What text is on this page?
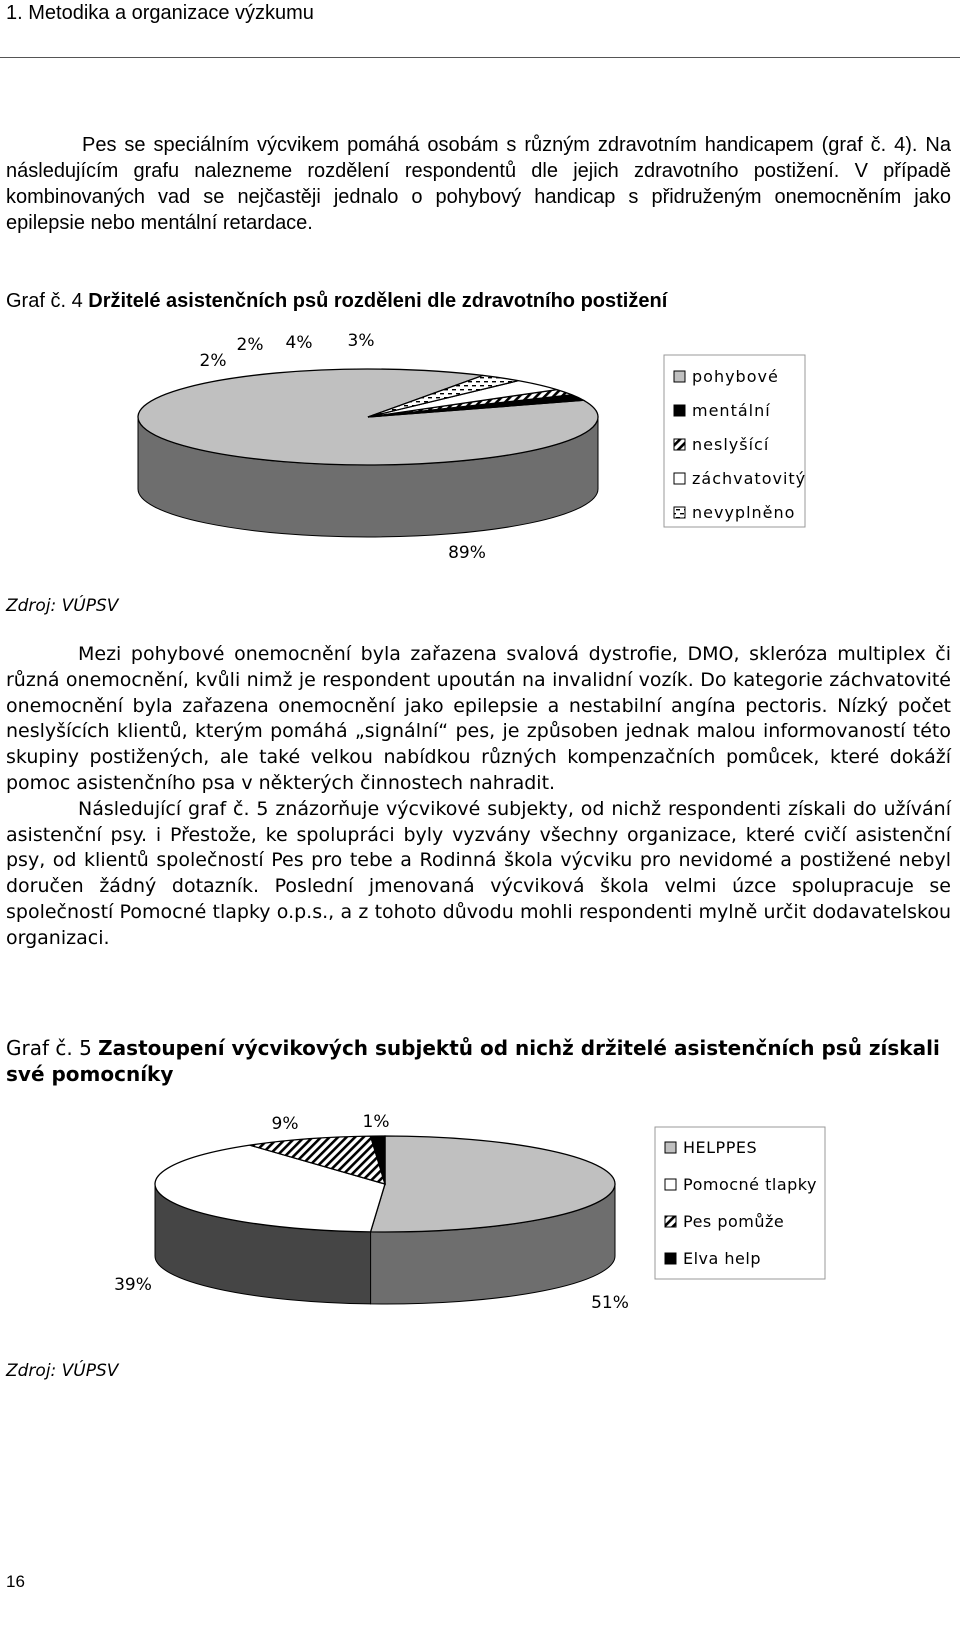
1. Metodika a organizace výzkumu
Pes se speciálním výcvikem pomáhá osobám s různým zdravotním handicapem (graf č. 4). Na následujícím grafu nalezneme rozdělení respondentů dle jejich zdravotního postižení. V případě kombinovaných vad se nejčastěji jednalo o pohybový handicap s přidruženým onemocněním jako epilepsie nebo mentální retardace.
Graf č. 4 Držitelé asistenčních psů rozděleni dle zdravotního postižení
89%
2%
2% 4% 3%
pohybové
mentální
neslyšící
záchvatovitý
nevyplněno
Zdroj: VÚPSV

Mezi pohybové onemocnění byla zařazena svalová dystrofie, DMO, skleróza multiplex či různá onemocnění, kvůli nimž je respondent upoután na invalidní vozík. Do kategorie záchvatovité onemocnění byla zařazena onemocnění jako epilepsie a nestabilní angína pectoris. Nízký počet neslyšících klientů, kterým pomáhá „signální“ pes, je způsoben jednak malou informovaností této skupiny postižených, ale také velkou nabídkou různých kompenzačních pomůcek, které dokáží pomoc asistenčního psa v některých činnostech nahradit.

Následující graf č. 5 znázorňuje výcvikové subjekty, od nichž respondenti získali do užívání asistenční psy. i Přestože, ke spolupráci byly vyzvány všechny organizace, které cvičí asistenční psy, od klientů společností Pes pro tebe a Rodinná škola výcviku pro nevidomé a postižené nebyl doručen žádný dotazník. Poslední jmenovaná výcviková škola velmi úzce spolupracuje se společností Pomocné tlapky o.p.s., a z tohoto důvodu mohli respondenti mylně určit dodavatelskou organizaci.

Graf č. 5 Zastoupení výcvikových subjektů od nichž držitelé asistenčních psů získali své pomocníky
51%
39%
9%	1%
HELPPES
Pomocné tlapky
Pes pomůže
Elva help
Zdroj: VÚPSV
16
